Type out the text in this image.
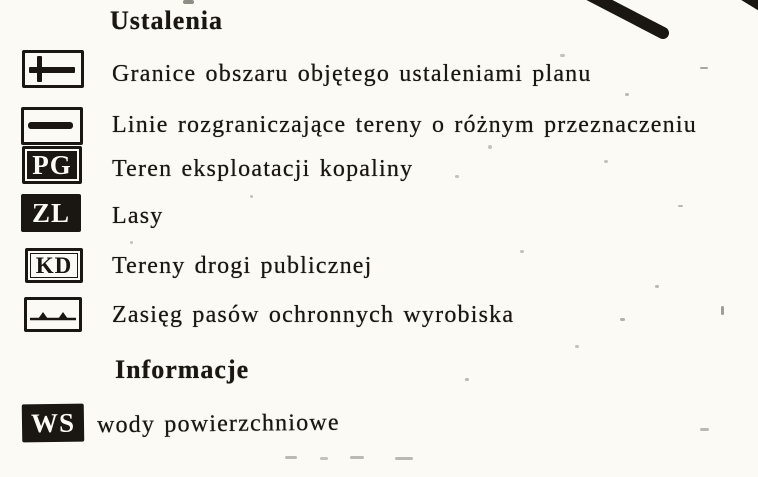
Ustalenia
Granice obszaru objętego ustaleniami planu
Linie rozgraniczające tereny o różnym przeznaczeniu
PG Teren eksploatacji kopaliny
ZL Lasy
KD Tereny drogi publicznej
Zasięg pasów ochronnych wyrobiska
Informacje
WS wody powierzchniowe
